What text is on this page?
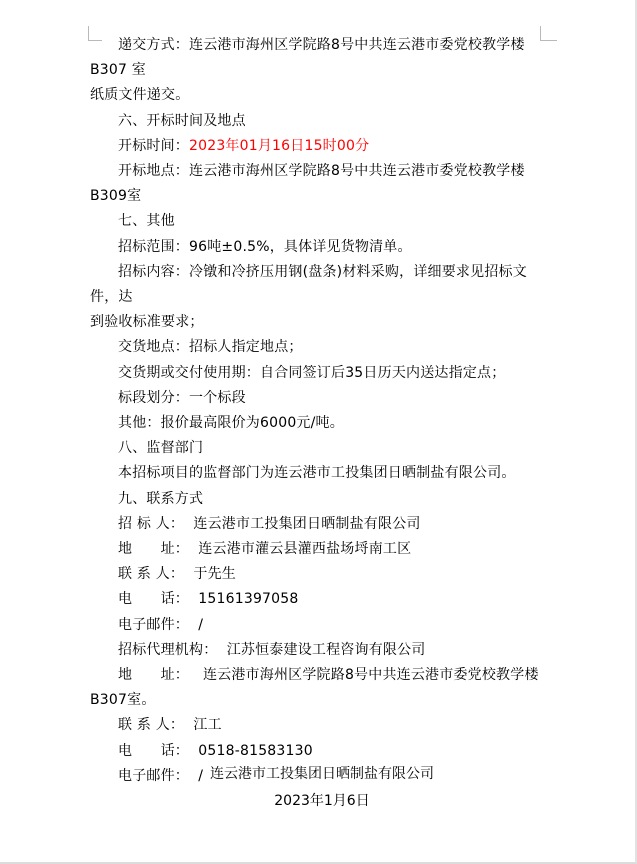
递交方式：连云港市海州区学院路8号中共连云港市委党校教学楼 B307 室
纸质文件递交。
六、开标时间及地点
开标时间：2023年01月16日15时00分
开标地点：连云港市海州区学院路8号中共连云港市委党校教学楼B309室
七、其他
招标范围：96吨±0.5%，具体详见货物清单。
招标内容：冷镦和冷挤压用钢(盘条)材料采购，详细要求见招标文件，达
到验收标准要求；
交货地点：招标人指定地点；
交货期或交付使用期：自合同签订后35日历天内送达指定点；
标段划分：一个标段
其他：报价最高限价为6000元/吨。
八、监督部门
本招标项目的监督部门为连云港市工投集团日晒制盐有限公司。
九、联系方式
招 标 人：  连云港市工投集团日晒制盐有限公司
地　　址：  连云港市灌云县灌西盐场埒南工区
联 系 人：  于先生
电　　话：  15161397058
电子邮件：  /
招标代理机构：  江苏恒泰建设工程咨询有限公司
地　　址：   连云港市海州区学院路8号中共连云港市委党校教学楼B307室。
联 系 人：  江工
电　　话：  0518-81583130
电子邮件：  / 连云港市工投集团日晒制盐有限公司
2023年1月6日
